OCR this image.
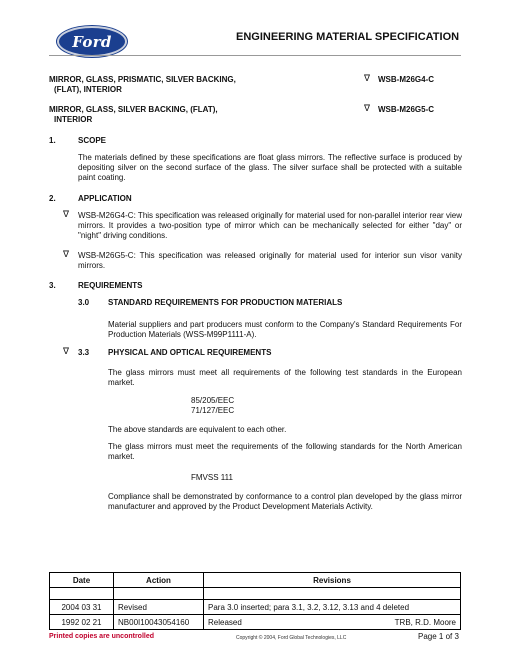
Ford	ENGINEERING MATERIAL SPECIFICATION
MIRROR, GLASS, PRISMATIC, SILVER BACKING,
(FLAT), INTERIOR
∇ WSB-M26G4-C
MIRROR, GLASS, SILVER BACKING, (FLAT),
INTERIOR
∇ WSB-M26G5-C
1.	SCOPE
The materials defined by these specifications are float glass mirrors. The reflective surface is produced by depositing silver on the second surface of the glass. The silver surface shall be protected with a suitable paint coating.
2.	APPLICATION
∇ WSB-M26G4-C: This specification was released originally for material used for non-parallel interior rear view mirrors. It provides a two-position type of mirror which can be mechanically selected for either "day" or "night" driving conditions.
∇ WSB-M26G5-C: This specification was released originally for material used for interior sun visor vanity mirrors.
3.	REQUIREMENTS
3.0 STANDARD REQUIREMENTS FOR PRODUCTION MATERIALS
Material suppliers and part producers must conform to the Company's Standard Requirements For Production Materials (WSS-M99P1111-A).
∇ 3.3 PHYSICAL AND OPTICAL REQUIREMENTS
The glass mirrors must meet all requirements of the following test standards in the European market.
85/205/EEC
71/127/EEC
The above standards are equivalent to each other.
The glass mirrors must meet the requirements of the following standards for the North American market.
FMVSS 111
Compliance shall be demonstrated by conformance to a control plan developed by the glass mirror manufacturer and approved by the Product Development Materials Activity.
Date	Action	Revisions

2004 03 31	Revised	Para 3.0 inserted; para 3.1, 3.2, 3.12, 3.13 and 4 deleted
1992 02 21	NB00I10043054160	Released TRB, R.D. Moore
Printed copies are uncontrolled	Copyright © 2004, Ford Global Technologies, LLC	Page 1 of 3
